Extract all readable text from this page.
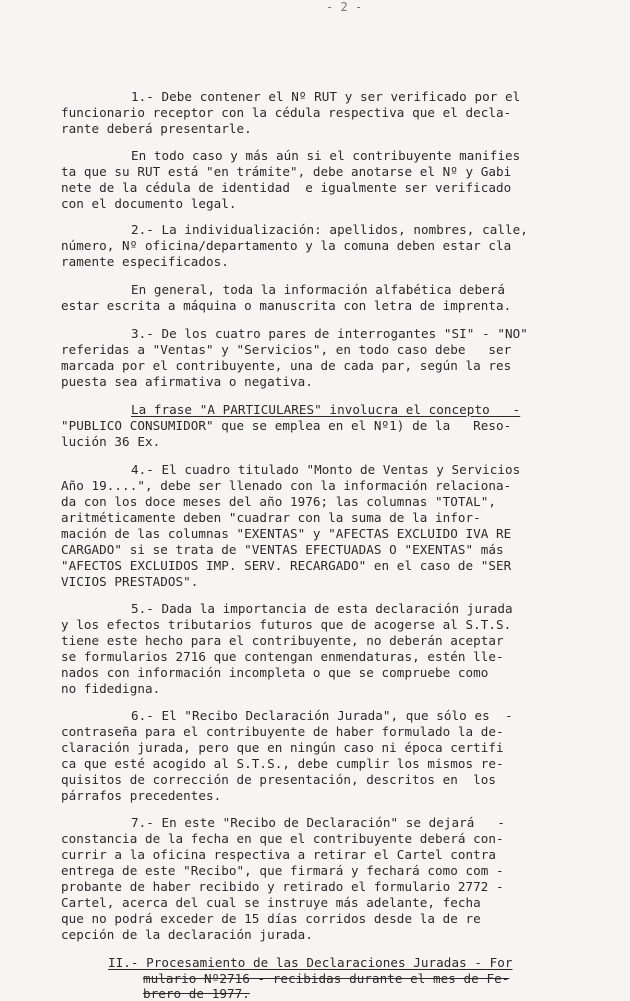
- 2 -
1.- Debe contener el Nº RUT y ser verificado por el
funcionario receptor con la cédula respectiva que el decla-
rante deberá presentarle.
En todo caso y más aún si el contribuyente manifies
ta que su RUT está "en trámite", debe anotarse el Nº y Gabi
nete de la cédula de identidad  e igualmente ser verificado
con el documento legal.
2.- La individualización: apellidos, nombres, calle,
número, Nº oficina/departamento y la comuna deben estar cla
ramente especificados.
En general, toda la información alfabética deberá
estar escrita a máquina o manuscrita con letra de imprenta.
3.- De los cuatro pares de interrogantes "SI" - "NO"
referidas a "Ventas" y "Servicios", en todo caso debe   ser
marcada por el contribuyente, una de cada par, según la res
puesta sea afirmativa o negativa.
La frase "A PARTICULARES" involucra el concepto   -
"PUBLICO CONSUMIDOR" que se emplea en el Nº1) de la   Reso-
lución 36 Ex.
4.- El cuadro titulado "Monto de Ventas y Servicios
Año 19....", debe ser llenado con la información relaciona-
da con los doce meses del año 1976; las columnas "TOTAL",
aritméticamente deben "cuadrar con la suma de la infor-
mación de las columnas "EXENTAS" y "AFECTAS EXCLUIDO IVA RE
CARGADO" si se trata de "VENTAS EFECTUADAS O "EXENTAS" más
"AFECTOS EXCLUIDOS IMP. SERV. RECARGADO" en el caso de "SER
VICIOS PRESTADOS".
5.- Dada la importancia de esta declaración jurada
y los efectos tributarios futuros que de acogerse al S.T.S.
tiene este hecho para el contribuyente, no deberán aceptar
se formularios 2716 que contengan enmendaturas, estén lle-
nados con información incompleta o que se compruebe como
no fidedigna.
6.- El "Recibo Declaración Jurada", que sólo es  -
contraseña para el contribuyente de haber formulado la de-
claración jurada, pero que en ningún caso ni época certifi
ca que esté acogido al S.T.S., debe cumplir los mismos re-
quisitos de corrección de presentación, descritos en  los
párrafos precedentes.
7.- En este "Recibo de Declaración" se dejará   -
constancia de la fecha en que el contribuyente deberá con-
currir a la oficina respectiva a retirar el Cartel contra
entrega de este "Recibo", que firmará y fechará como com -
probante de haber recibido y retirado el formulario 2772 -
Cartel, acerca del cual se instruye más adelante, fecha
que no podrá exceder de 15 días corridos desde la de re
cepción de la declaración jurada.
II.- Procesamiento de las Declaraciones Juradas - For
mulario Nº2716 - recibidas durante el mes de Fe-
brero de 1977.
